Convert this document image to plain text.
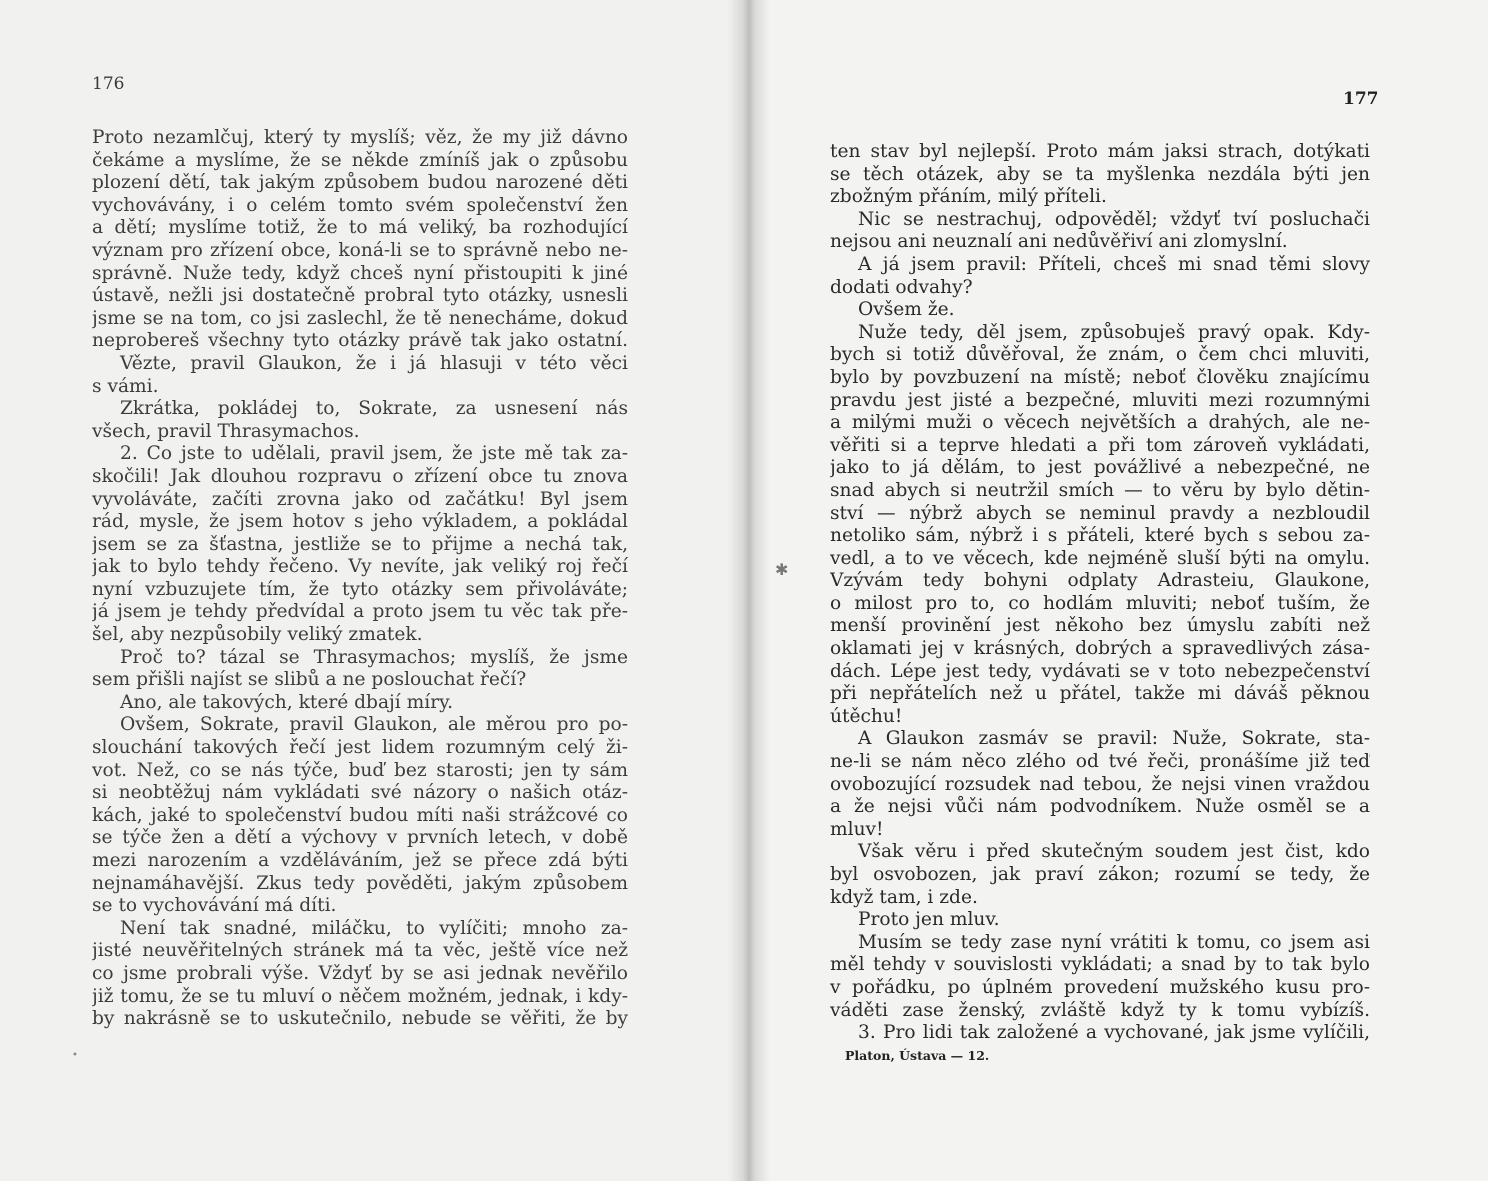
176
Proto nezamlčuj, který ty myslíš; věz, že my již dávno
čekáme a myslíme, že se někde zmíníš jak o způsobu
plození dětí, tak jakým způsobem budou narozené děti
vychovávány, i o celém tomto svém společenství žen
a dětí; myslíme totiž, že to má veliký, ba rozhodující
význam pro zřízení obce, koná-li se to správně nebo ne-
správně. Nuže tedy, když chceš nyní přistoupiti k jiné
ústavě, nežli jsi dostatečně probral tyto otázky, usnesli
jsme se na tom, co jsi zaslechl, že tě nenecháme, dokud
neprobereš všechny tyto otázky právě tak jako ostatní.
Vězte, pravil Glaukon, že i já hlasuji v této věci
s vámi.
Zkrátka, pokládej to, Sokrate, za usnesení nás
všech, pravil Thrasymachos.
2. Co jste to udělali, pravil jsem, že jste mě tak za-
skočili! Jak dlouhou rozpravu o zřízení obce tu znova
vyvoláváte, začíti zrovna jako od začátku! Byl jsem
rád, mysle, že jsem hotov s jeho výkladem, a pokládal
jsem se za šťastna, jestliže se to přijme a nechá tak,
jak to bylo tehdy řečeno. Vy nevíte, jak veliký roj řečí
nyní vzbuzujete tím, že tyto otázky sem přivoláváte;
já jsem je tehdy předvídal a proto jsem tu věc tak pře-
šel, aby nezpůsobily veliký zmatek.
Proč to? tázal se Thrasymachos; myslíš, že jsme
sem přišli najíst se slibů a ne poslouchat řečí?
Ano, ale takových, které dbají míry.
Ovšem, Sokrate, pravil Glaukon, ale měrou pro po-
slouchání takových řečí jest lidem rozumným celý ži-
vot. Než, co se nás týče, buď bez starosti; jen ty sám
si neobtěžuj nám vykládati své názory o našich otáz-
kách, jaké to společenství budou míti naši strážcové co
se týče žen a dětí a výchovy v prvních letech, v době
mezi narozením a vzděláváním, jež se přece zdá býti
nejnamáhavější. Zkus tedy pověděti, jakým způsobem
se to vychovávání má díti.
Není tak snadné, miláčku, to vylíčiti; mnoho za-
jisté neuvěřitelných stránek má ta věc, ještě více než
co jsme probrali výše. Vždyť by se asi jednak nevěřilo
již tomu, že se tu mluví o něčem možném, jednak, i kdy-
by nakrásně se to uskutečnilo, nebude se věřiti, že by
•
177
ten stav byl nejlepší. Proto mám jaksi strach, dotýkati
se těch otázek, aby se ta myšlenka nezdála býti jen
zbožným přáním, milý příteli.
Nic se nestrachuj, odpověděl; vždyť tví posluchači
nejsou ani neuznalí ani nedůvěřiví ani zlomyslní.
A já jsem pravil: Příteli, chceš mi snad těmi slovy
dodati odvahy?
Ovšem že.
Nuže tedy, děl jsem, způsobuješ pravý opak. Kdy-
bych si totiž důvěřoval, že znám, o čem chci mluviti,
bylo by povzbuzení na místě; neboť člověku znajícímu
pravdu jest jisté a bezpečné, mluviti mezi rozumnými
a milými muži o věcech největších a drahých, ale ne-
věřiti si a teprve hledati a při tom zároveň vykládati,
jako to já dělám, to jest povážlivé a nebezpečné, ne
snad abych si neutržil smích — to věru by bylo dětin-
ství — nýbrž abych se neminul pravdy a nezbloudil
netoliko sám, nýbrž i s přáteli, které bych s sebou za-
vedl, a to ve věcech, kde nejméně sluší býti na omylu.
Vzývám tedy bohyni odplaty Adrasteiu, Glaukone,
o milost pro to, co hodlám mluviti; neboť tuším, že
menší provinění jest někoho bez úmyslu zabíti než
oklamati jej v krásných, dobrých a spravedlivých zása-
dách. Lépe jest tedy, vydávati se v toto nebezpečenství
při nepřátelích než u přátel, takže mi dáváš pěknou
útěchu!
A Glaukon zasmáv se pravil: Nuže, Sokrate, sta-
ne-li se nám něco zlého od tvé řeči, pronášíme již teď
ovobozující rozsudek nad tebou, že nejsi vinen vraždou
a že nejsi vůči nám podvodníkem. Nuže osměl se a
mluv!
Však věru i před skutečným soudem jest čist, kdo
byl osvobozen, jak praví zákon; rozumí se tedy, že
když tam, i zde.
Proto jen mluv.
Musím se tedy zase nyní vrátiti k tomu, co jsem asi
měl tehdy v souvislosti vykládati; a snad by to tak bylo
v pořádku, po úplném provedení mužského kusu pro-
váděti zase ženský, zvláště když ty k tomu vybízíš.
3. Pro lidi tak založené a vychované, jak jsme vylíčili,
Platon, Ústava — 12.
✱
